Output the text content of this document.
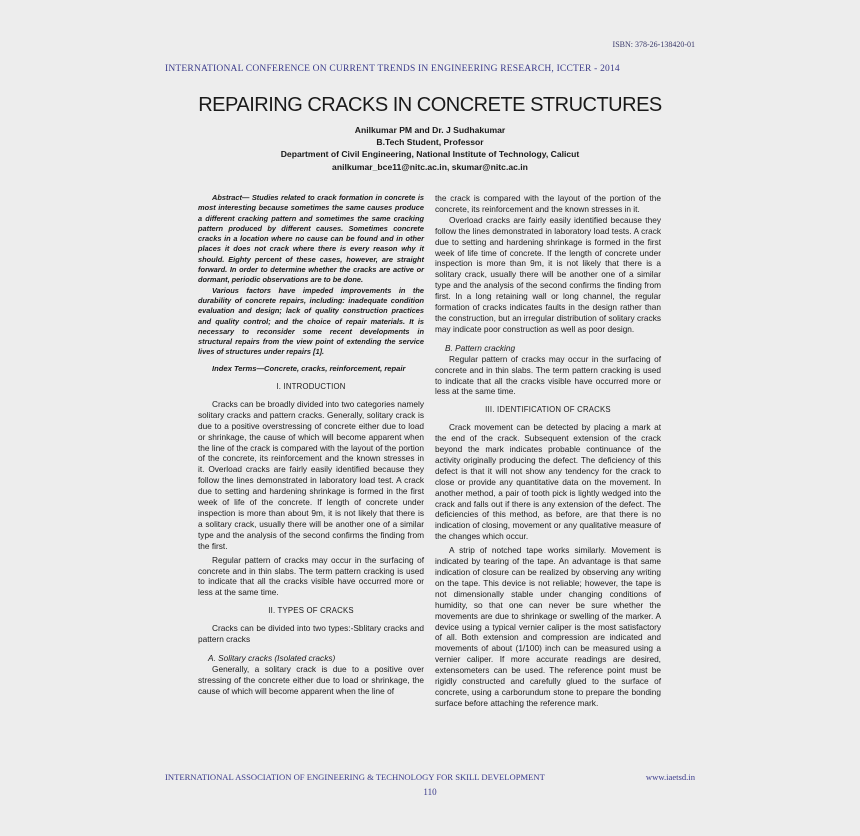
ISBN: 378-26-138420-01
INTERNATIONAL CONFERENCE ON CURRENT TRENDS IN ENGINEERING RESEARCH, ICCTER - 2014
REPAIRING CRACKS IN CONCRETE STRUCTURES
Anilkumar PM and Dr. J Sudhakumar
B.Tech Student, Professor
Department of Civil Engineering, National Institute of Technology, Calicut
anilkumar_bce11@nitc.ac.in, skumar@nitc.ac.in

Abstract— Studies related to crack formation in concrete is most interesting because sometimes the same causes produce a different cracking pattern and sometimes the same cracking pattern produced by different causes. Sometimes concrete cracks in a location where no cause can be found and in other places it does not crack where there is every reason why it should. Eighty percent of these cases, however, are straight forward. In order to determine whether the cracks are active or dormant, periodic observations are to be done.

Various factors have impeded improvements in the durability of concrete repairs, including: inadequate condition evaluation and design; lack of quality construction practices and quality control; and the choice of repair materials. It is necessary to reconsider some recent developments in structural repairs from the view point of extending the service lives of structures under repairs [1].

Index Terms—Concrete, cracks, reinforcement, repair

I. INTRODUCTION

Cracks can be broadly divided into two categories namely solitary cracks and pattern cracks. Generally, solitary crack is due to a positive overstressing of concrete either due to load or shrinkage, the cause of which will become apparent when the line of the crack is compared with the layout of the portion of the concrete, its reinforcement and the known stresses in it. Overload cracks are fairly easily identified because they follow the lines demonstrated in laboratory load test. A crack due to setting and hardening shrinkage is formed in the first week of life of the concrete. If length of concrete under inspection is more than about 9m, it is not likely that there is a solitary crack, usually there will be another one of a similar type and the analysis of the second confirms the finding from the first.

Regular pattern of cracks may occur in the surfacing of concrete and in thin slabs. The term pattern cracking is used to indicate that all the cracks visible have occurred more or less at the same time.

II. TYPES OF CRACKS

Cracks can be divided into two types:-Sblitary cracks and pattern cracks

A. Solitary cracks (Isolated cracks)

Generally, a solitary crack is due to a positive over stressing of the concrete either due to load or shrinkage, the cause of which will become apparent when the line of

the crack is compared with the layout of the portion of the concrete, its reinforcement and the known stresses in it.

Overload cracks are fairly easily identified because they follow the lines demonstrated in laboratory load tests. A crack due to setting and hardening shrinkage is formed in the first week of life time of concrete. If the length of concrete under inspection is more than 9m, it is not likely that there is a solitary crack, usually there will be another one of a similar type and the analysis of the second confirms the finding from first. In a long retaining wall or long channel, the regular formation of cracks indicates faults in the design rather than the construction, but an irregular distribution of solitary cracks may indicate poor construction as well as poor design.

B. Pattern cracking

Regular pattern of cracks may occur in the surfacing of concrete and in thin slabs. The term pattern cracking is used to indicate that all the cracks visible have occurred more or less at the same time.

III. IDENTIFICATION OF CRACKS

Crack movement can be detected by placing a mark at the end of the crack. Subsequent extension of the crack beyond the mark indicates probable continuance of the activity originally producing the defect. The deficiency of this defect is that it will not show any tendency for the crack to close or provide any quantitative data on the movement. In another method, a pair of tooth pick is lightly wedged into the crack and falls out if there is any extension of the defect. The deficiencies of this method, as before, are that there is no indication of closing, movement or any qualitative measure of the changes which occur.

A strip of notched tape works similarly. Movement is indicated by tearing of the tape. An advantage is that same indication of closure can be realized by observing any writing on the tape. This device is not reliable; however, the tape is not dimensionally stable under changing conditions of humidity, so that one can never be sure whether the movements are due to shrinkage or swelling of the marker. A device using a typical vernier caliper is the most satisfactory of all. Both extension and compression are indicated and movements of about (1/100) inch can be measured using a vernier caliper. If more accurate readings are desired, extensometers can be used. The reference point must be rigidly constructed and carefully glued to the surface of concrete, using a carborundum stone to prepare the bonding surface before attaching the reference mark.

INTERNATIONAL ASSOCIATION OF ENGINEERING & TECHNOLOGY FOR SKILL DEVELOPMENT	www.iaetsd.in
110
